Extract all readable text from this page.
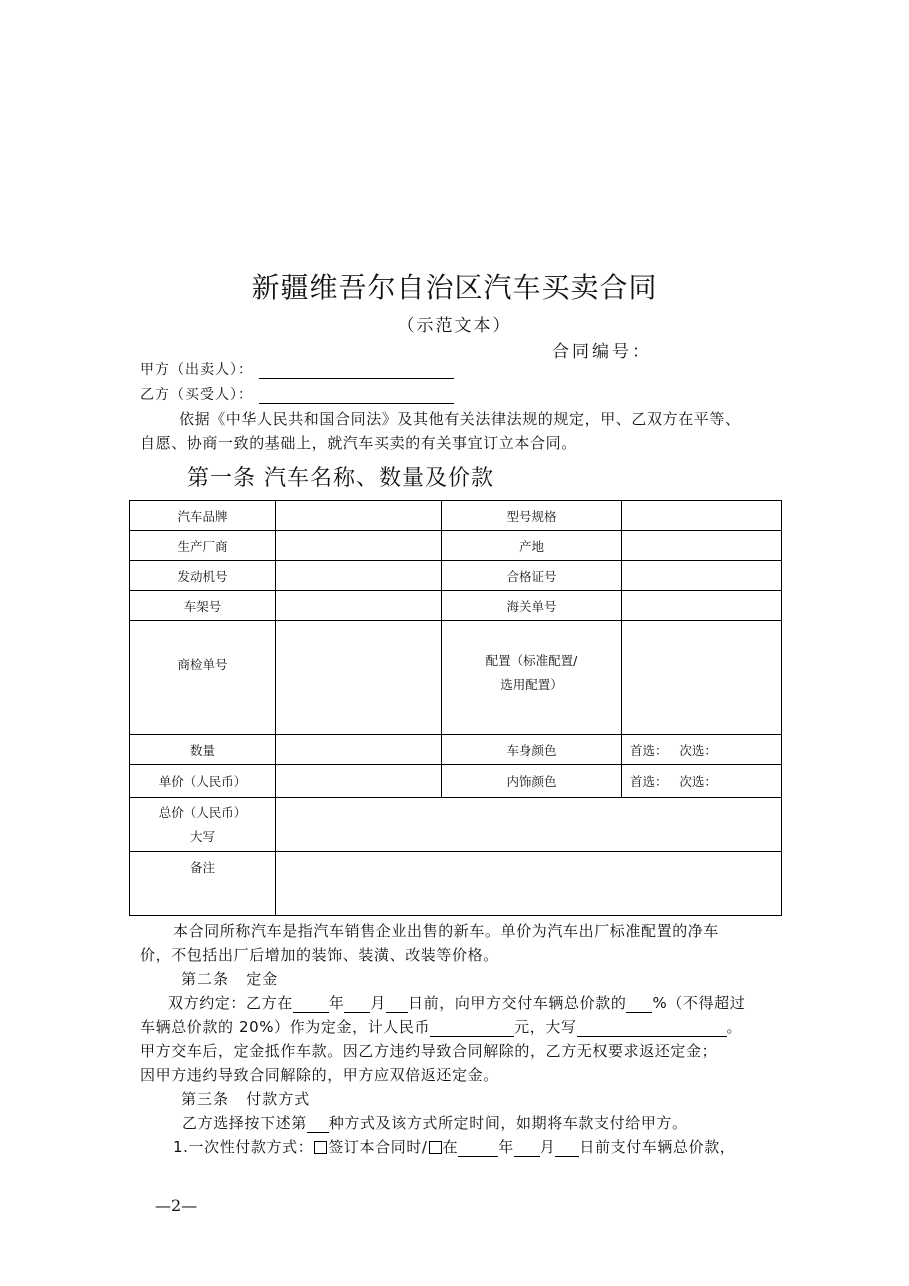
新疆维吾尔自治区汽车买卖合同
（示范文本）
合同编号：
甲方（出卖人）：
乙方（买受人）：
依据《中华人民共和国合同法》及其他有关法律法规的规定，甲、乙双方在平等、
自愿、协商一致的基础上，就汽车买卖的有关事宜订立本合同。
第一条 汽车名称、数量及价款
汽车品牌		型号规格	
生产厂商		产地	
发动机号		合格证号	
车架号		海关单号	
商检单号		配置（标准配置/
选用配置）	

数量		车身颜色	首选：   次选：
单价（人民币）		内饰颜色	首选：   次选：

总价（人民币）
大写			

备注			
本合同所称汽车是指汽车销售企业出售的新车。单价为汽车出厂标准配置的净车
价，不包括出厂后增加的装饰、装潢、改装等价格。
第二条   定金
双方约定：乙方在 年 月 日前，向甲方交付车辆总价款的 %（不得超过
车辆总价款的 20%）作为定金，计人民币	元，大写	。
甲方交车后，定金抵作车款。因乙方违约导致合同解除的，乙方无权要求返还定金；
因甲方违约导致合同解除的，甲方应双倍返还定金。
第三条   付款方式
乙方选择按下述第 种方式及该方式所定时间，如期将车款支付给甲方。
1.一次性付款方式： 签订本合同时/ 在	年 月 日前支付车辆总价款，
—2—
